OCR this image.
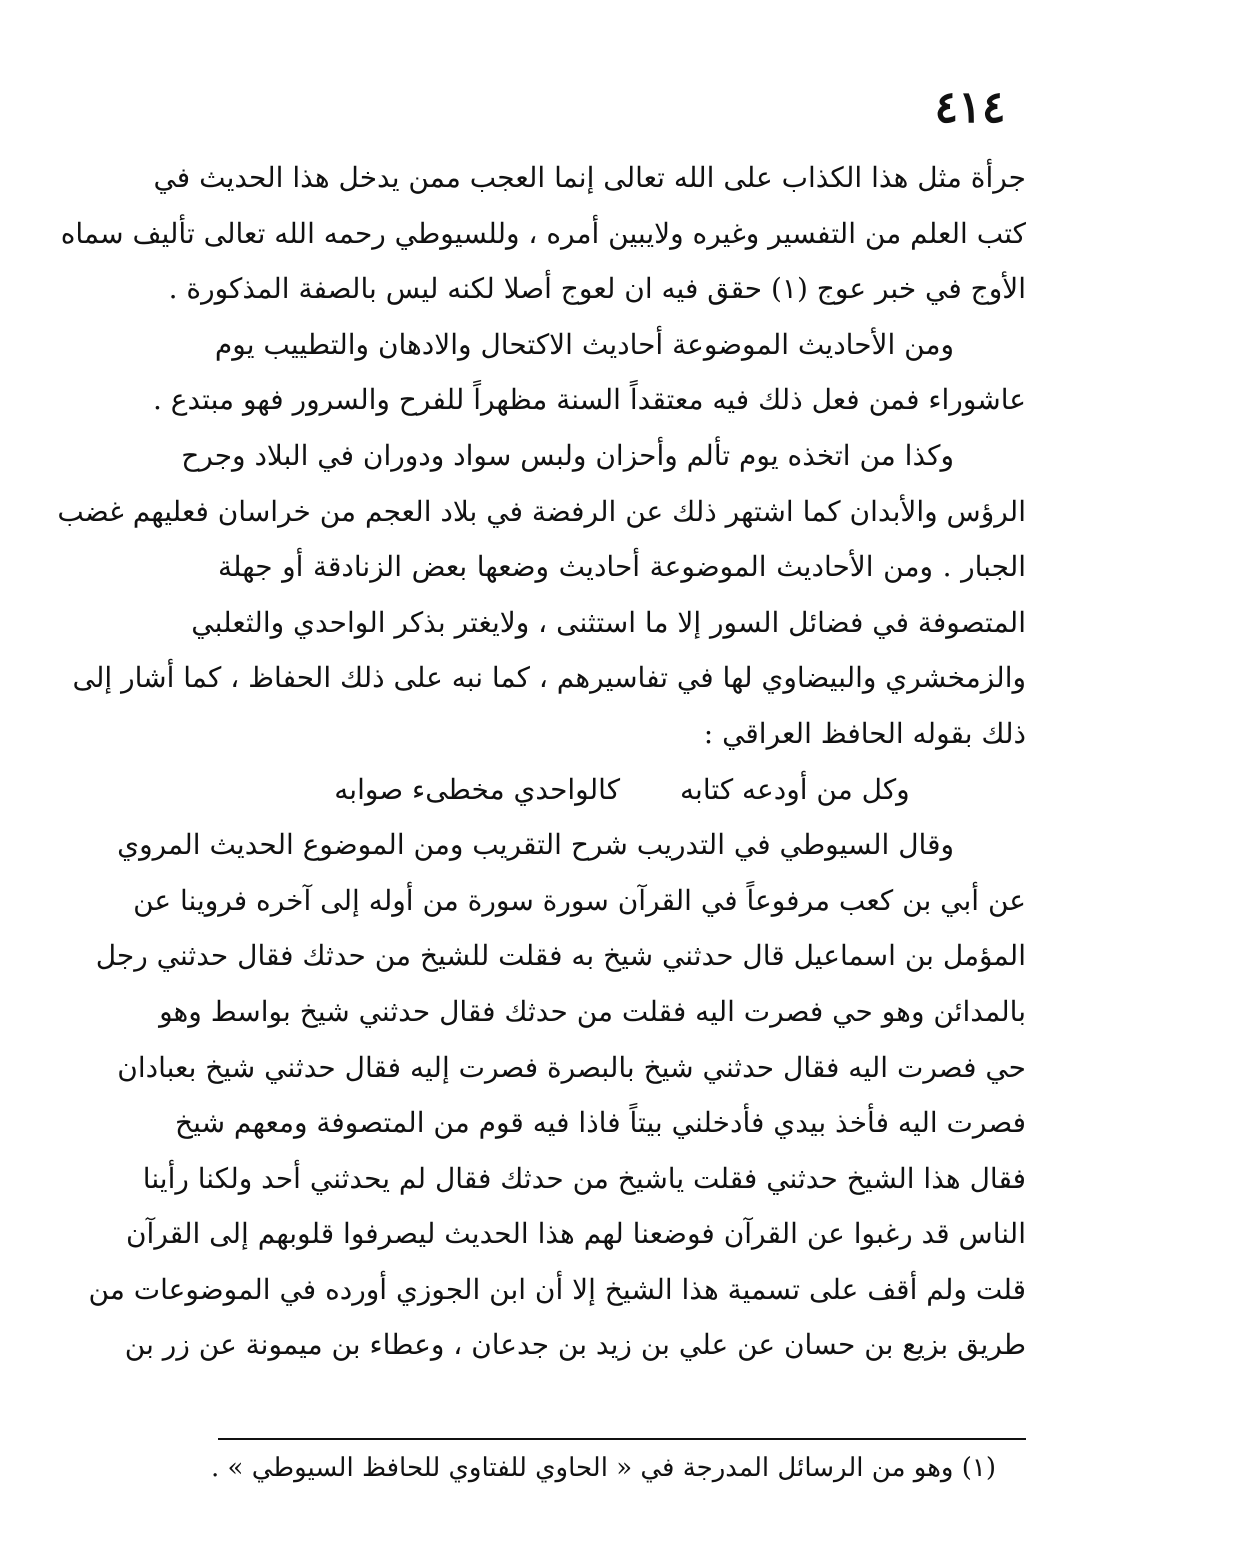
٤١٤
جرأة مثل هذا الكذاب على الله تعالى إنما العجب ممن يدخل هذا الحديث في
كتب العلم من التفسير وغيره ولايبين أمره ، وللسيوطي رحمه الله تعالى تأليف سماه
الأوج في خبر عوج (١) حقق فيه ان لعوج أصلا لكنه ليس بالصفة المذكورة .
ومن الأحاديث الموضوعة أحاديث الاكتحال والادهان والتطييب يوم
عاشوراء فمن فعل ذلك فيه معتقداً السنة مظهراً للفرح والسرور فهو مبتدع .
وكذا من اتخذه يوم تألم وأحزان ولبس سواد ودوران في البلاد وجرح
الرؤس والأبدان كما اشتهر ذلك عن الرفضة في بلاد العجم من خراسان فعليهم غضب
الجبار . ومن الأحاديث الموضوعة أحاديث وضعها بعض الزنادقة أو جهلة
المتصوفة في فضائل السور إلا ما استثنى ، ولايغتر بذكر الواحدي والثعلبي
والزمخشري والبيضاوي لها في تفاسيرهم ، كما نبه على ذلك الحفاظ ، كما أشار إلى
ذلك بقوله الحافظ العراقي :
وكل من أودعه كتابه
كالواحدي مخطىء صوابه
وقال السيوطي في التدريب شرح التقريب ومن الموضوع الحديث المروي
عن أبي بن كعب مرفوعاً في القرآن سورة سورة من أوله إلى آخره فروينا عن
المؤمل بن اسماعيل قال حدثني شيخ به فقلت للشيخ من حدثك فقال حدثني رجل
بالمدائن وهو حي فصرت اليه فقلت من حدثك فقال حدثني شيخ بواسط وهو
حي فصرت اليه فقال حدثني شيخ بالبصرة فصرت إليه فقال حدثني شيخ بعبادان
فصرت اليه فأخذ بيدي فأدخلني بيتاً فاذا فيه قوم من المتصوفة ومعهم شيخ
فقال هذا الشيخ حدثني فقلت ياشيخ من حدثك فقال لم يحدثني أحد ولكنا رأينا
الناس قد رغبوا عن القرآن فوضعنا لهم هذا الحديث ليصرفوا قلوبهم إلى القرآن
قلت ولم أقف على تسمية هذا الشيخ إلا أن ابن الجوزي أورده في الموضوعات من
طريق بزيع بن حسان عن علي بن زيد بن جدعان ، وعطاء بن ميمونة عن زر بن
(١) وهو من الرسائل المدرجة في « الحاوي للفتاوي للحافظ السيوطي » .
